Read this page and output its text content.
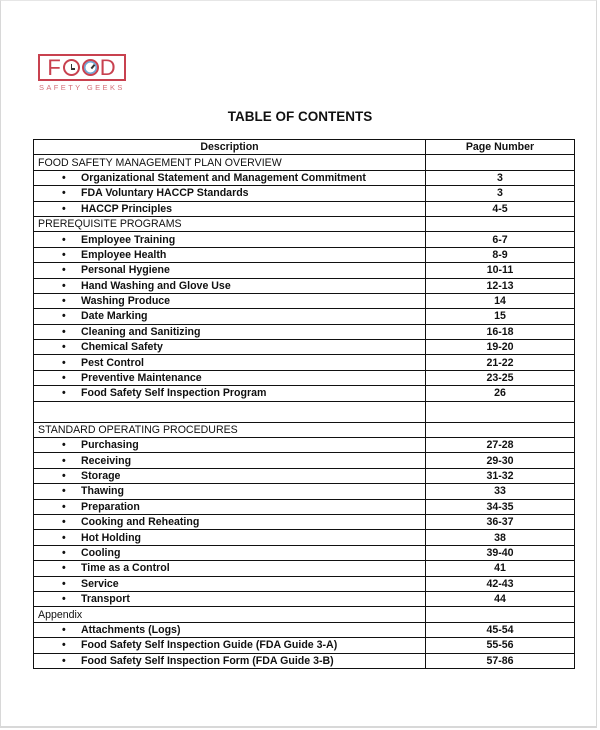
F D
SAFETY GEEKS
TABLE OF CONTENTS
Description	Page Number
FOOD SAFETY MANAGEMENT PLAN OVERVIEW	
• Organizational Statement and Management Commitment	3
• FDA Voluntary HACCP Standards	3
• HACCP Principles	4-5
PREREQUISITE PROGRAMS	
• Employee Training	6-7
• Employee Health	8-9
• Personal Hygiene	10-11
• Hand Washing and Glove Use	12-13
• Washing Produce	14
• Date Marking	15
• Cleaning and Sanitizing	16-18
• Chemical Safety	19-20
• Pest Control	21-22
• Preventive Maintenance	23-25
• Food Safety Self Inspection Program	26

STANDARD OPERATING PROCEDURES	
• Purchasing	27-28
• Receiving	29-30
• Storage	31-32
• Thawing	33
• Preparation	34-35
• Cooking and Reheating	36-37
• Hot Holding	38
• Cooling	39-40
• Time as a Control	41
• Service	42-43
• Transport	44
Appendix	
• Attachments (Logs)	45-54
• Food Safety Self Inspection Guide (FDA Guide 3-A)	55-56
• Food Safety Self Inspection Form (FDA Guide 3-B)	57-86
